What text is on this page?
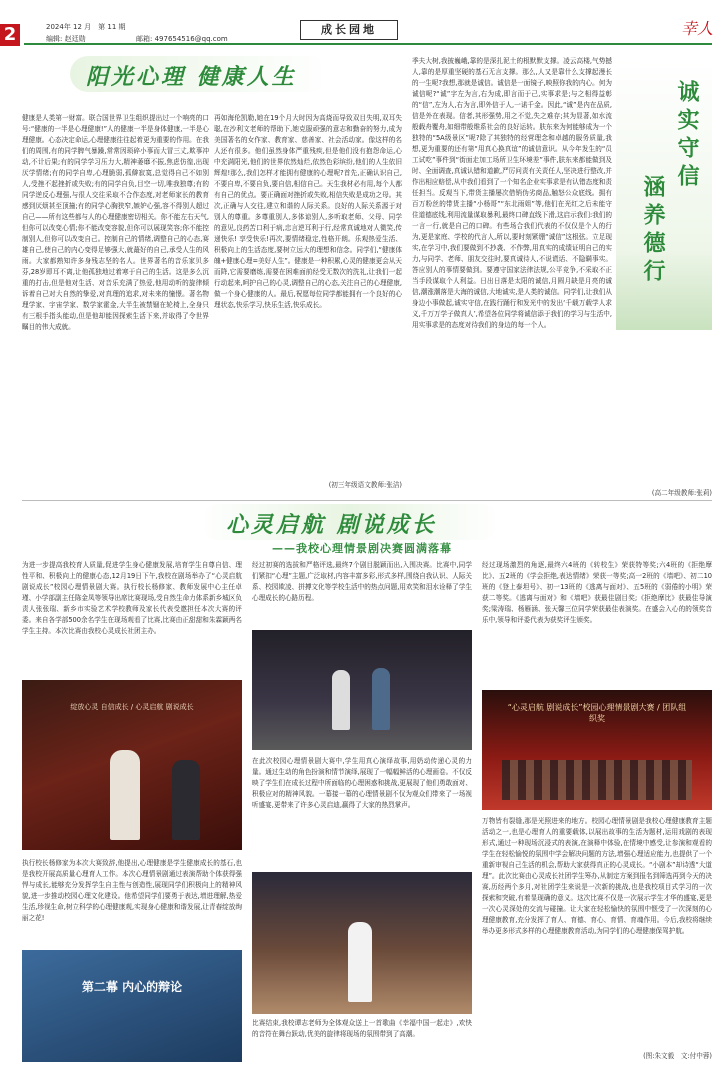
2	2024年 12 月　第 11 期
编辑: 赵廷勋	邮箱: 497654516@qq.com
成长园地	幸人
阳光心理 健康人生
健康是人类第一财富。联合国世界卫生组织提出过一个响亮的口号:“健康的一半是心理健康!”人的健康一半是身体健康,一半是心理健康。心态决定命运,心理健康往往起着更为重要的作用。在我们的周围,有的同学脾气暴躁,常常因琐碎小事而大冒三丈,欺事冲动,不计后果;有的同学学习压力大,精神萎靡不振,焦虑仿徨,出现厌学情绪;有的同学自卑,心理脆弱,孤僻寂寞,总觉得自己不如别人,受挫不起挫折或失败;有的同学自负,目空一切,唯我独尊;有的同学逆反心理强,与很人交往采取不合作态度,对老师家长的教育感到厌烦甚至顶撞;有的同学心胸狭窄,嫉妒心强,容不得别人超过自己——所有这些都与人的心理健康密切相关。你不能左右天气,但你可以改变心情;你不能改变容貌,但你可以展现笑容;你不能控制别人,但你可以改变自己。控制自己的情绪,调整自己的心态,赛雄自己,使自己的内心变得足够强大,就蕞好的自己,承受人生的风雨。大家都熟知许多身残志坚的名人。世界著名的音乐家贝多芬,28岁即耳不离,让他孤独地过着寒于自己的生活。这是多么沉重的打击,但是他对生活、对音乐充满了热爱,他用动听的旋律倾诉着自己对大自然的挚爱,对真理的追求,对未来的憧憬。著名物理学家、宇宙学家、数学家霍金,大半生被禁锢在轮椅上,全身只有三根手指头能动,但是他却能因探索生活下来,并取得了令世界瞩目的伟大成就。
再如海伦凯勒,她在19个月大时因为高烧而导致双目失明,双耳失聪,在沙利文老师的帮助下,她克服顽强的意志和勤奋的努力,成为美国著名的女作家、教育家、慈善家、社会活动家。像这样的名人还有很多。他们虽然身体严重残疾,但是他们没有抱怨命运,心中充满阳光,他们的世界依然灿烂,依然色彩缤纷,他们的人生依旧辉煌!那么,我们怎样才能拥有健康的心理呢?首先,正确认识自己,不要自卑,不要自负,要自信,相信自己。天生我材必有用,每个人都有自己的优点。要正确面对挫折或失败,相信失败是成功之母。其次,正确与人交往,建立和谐的人际关系。良好的人际关系源于对别人的尊重。多尊重别人,多体谅别人,多听取老师、父母、同学的意见,良药苦口利于病,忠言逆耳利于行,经常真诚地对人微笑,传递快乐! 享受快乐!再次,要情绪稳定,性格开朗。乐观热爱生活、积极向上的生活态度,要树立远大的理想和信念。同学们,“健康体魄+健康心理=美好人生”。健康是一种积累,心灵的健康更会从天而降,它需要磨练,需要在困难面前经受无数次的洗礼,让我们一起行动起来,呵护自己的心灵,调整自己的心态,关注自己的心理健康,做一个身心健康的人。最后,祝愿每位同学都能拥有一个良好的心理状态,快乐学习,快乐生活,快乐成长。
(初三年级语文教师:张洁)
季夫大树,我披巍峨,靠的是深扎泥土的根默默支撑。凌云高楼,气势撼人,靠的是厚重坚硬的基石无言支撑。那么,人又是靠什么支撑起漫长的一生呢?我想,那就是诚信。诚信是一面镜子,映照你我的内心。何为诚信呢?“诚”字左为言,右为成,即言而于己,实事求是;与之相得益彰的“信”,左为人,右为言,即外信于人,一诺千金。因此,“诚”是内在品质,信是外在表现。信者,其形强势,用之不觉,失之难存;其为显著,如水流般载舟覆舟,如细带般维系社会的良好运转。肤东来为何能够成为一个独特的“5A级景区”呢?除了其独特的经营理念和卓越的服务质量,我想,更为重要的还有第“用真心换真谊”的诚信意识。从今年发生的“员工试吃”事件到“街面走加工场所卫生环境差”事件,肤东来都能做到及时、全面调查,真诚认错和道歉,严厉问责有关责任人,坚决进行整改,并作出相应赔偿,从中我们看到了一个知名企业实事求是有认错态度和责任担当。反观当下,带货主播屡次借销伪劣商品,触怒公众底线。拥有百万粉丝的带货主播“小杨哥”“东北雨姐”等,他们在光红之后未能守住道德底线,利用流量谋取暴利,最终口碑直线下滑,这启示我们:我们的一言一行,就是自己的口碑。有些场合我们代表的不仅仅是个人的行为,更是家庭、学校的代言人,所以,要时刻紧绷“诚信”这根弦。立足现实,在学习中,我们要做到不抄袭、不作弊,用真实的成绩证明自己的实力,与同学、老师、朋友交往时,要真诚待人,不说谎话、不隐瞒事实。答应别人的事情要做到。要遵守国家法律法规,公平竞争,不采取不正当手段谋取个人利益。日出日落是太阳的诚信,月圆月缺是月亮的诚信,潮涨潮落是大海的诚信,大地诚实,是人类的诚信。同学们,让我们从身边小事做起,诚实守信,在践行踊行和发光中的发出‘千载万载学人求义,千万万学子做真人’,希望各位同学将诚信添于我们的学习与生活中,用实事求是的态度对待我们的身边的每一个人。
诚实守信
涵养德行
(高二年级教师:张莉)
心灵启航 剧说成长
——我校心理情景剧决赛圆满落幕
为进一步提高我校育人质量,促进学生身心健康发展,培育学生自尊自信、理性平和、积极向上的健康心态,12月19日下午,我校在剧场举办了“心灵启航剧说成长”校园心理情景剧大赛。执行校长杨修家、教师发展中心主任卓瑾、小学部副主任陈金凤等领导出席比赛现场,受自然生命力体系新乡城区负责人张张瑞、新乡市实验艺术学校教师及家长代表受邀担任本次大赛的评委。来自各学部500余名学生在现场观看了比赛,比赛由正甜甜和朱霖颖两名学生主持。本次比赛由我校心灵成长社团主办。
绽放心灵 自信成长 / 心灵启航 剧说成长
执行校长杨修家为本次大赛致辞,他提出,心理健康是学生健康成长的基石,也是我校开展高质量心理育人工作。本次心理情景剧通过表演帮助个体获得强悍与成长,能够充分发挥学生自主性与创造性,展现同学们积极向上的精神风貌,进一步推动校园心理文化建设。他希望同学们要勇于表达,增进理解,热爱生活,珍视生命,树立科学的心理健康观,实现身心健康和谐发展,让青春绽放绚丽之花!
第二幕 内心的辩论
经过初赛的选拔和严格评选,最终7个剧目脱颖而出,入围决赛。比赛中,同学们紧扣“心理”主题,广泛取材,内容丰富多彩,形式多样,围绕自我认识、人际关系、校园欺凌、拼搏文化等学校生活中的热点问题,用欢笑和泪水诠释了学生心理成长的心路历程。
在此次校园心理情景剧大赛中,学生用真心演绎故事,用奶动传递心灵的力量。通过生动的角色扮演和情节演绎,展现了一幅幅鲜活的心理画卷。不仅反映了学生们在成长过程中所面临的心理困惑和挑战,更展现了他们勇敢面对、积极应对的精神风貌。一幕接一幕的心理情景剧不仅为观众们带来了一场视听盛宴,更带来了许多心灵启迪,赢得了大家的热烈掌声。
比赛结束,我校谭志老师为全体观众送上一首歌曲《幸福中国一起走》,欢快的音符在舞台跃动,优美的旋律将现场的氛围带到了高潮。
经过现场激烈的角逐,最终六4班的《转校生》荣获特等奖;六4班的《拒绝摩比》、五2班的《学会拒绝,表达情绪》荣获一等奖;高一2班的《墙吧》、初二10班的《登上泰坦号》、初一13班的《逃离与面对》、五5班的《弱倦的小明》荣获二等奖。《逃离与面对》和《墙吧》获最佳剧目奖;《拒绝摩比》获最佳导演奖;梁涛瑞、杨雁涵、张天馨三位同学荣获最佳表演奖。在盛会入心的的领奖音乐中,领导和评委代表为获奖评生颁奖。
“心灵启航 剧说成长”校园心理情景剧大赛 / 团队组织奖
万物皆有裂缝,那是光照进来的地方。校园心理情景剧是我校心理健康教育主题活动之一,也是心理育人的重要载体,以展出故事的生活为题材,运用戏剧的表现形式,通过一种现场沉浸式的表演,在演释中体验,在情境中感受,让参演和观看的学生在轻松愉悦的氛围中学会解决问题的方法,增强心理适应能力,也提供了一个重新审视自己生活的机会,帮助大家获得真正的心灵成长。“小剧本”却诗透“大道理”。此次比赛由心灵成长社团学生筹办,从制定方案到报名到筛选再到今天的决赛,历经两个多月,对社团学生来说是一次新的挑战,也是我校项目式学习的一次探索和突破,有着显现确的意义。这次比赛不仅是一次展示学生才华的盛宴,更是一次心灵深处的交流与碰撞。让大家在轻松愉快的氛围中惬受了一次深刻的心理健康教育,充分发挥了育人、育德、育心、育情、育魂作用。今后,我校将继续举办更多形式多样的心理健康教育活动,为同学们的心理健康保驾护航。
(图:朱文毅　文:付中蓉)
